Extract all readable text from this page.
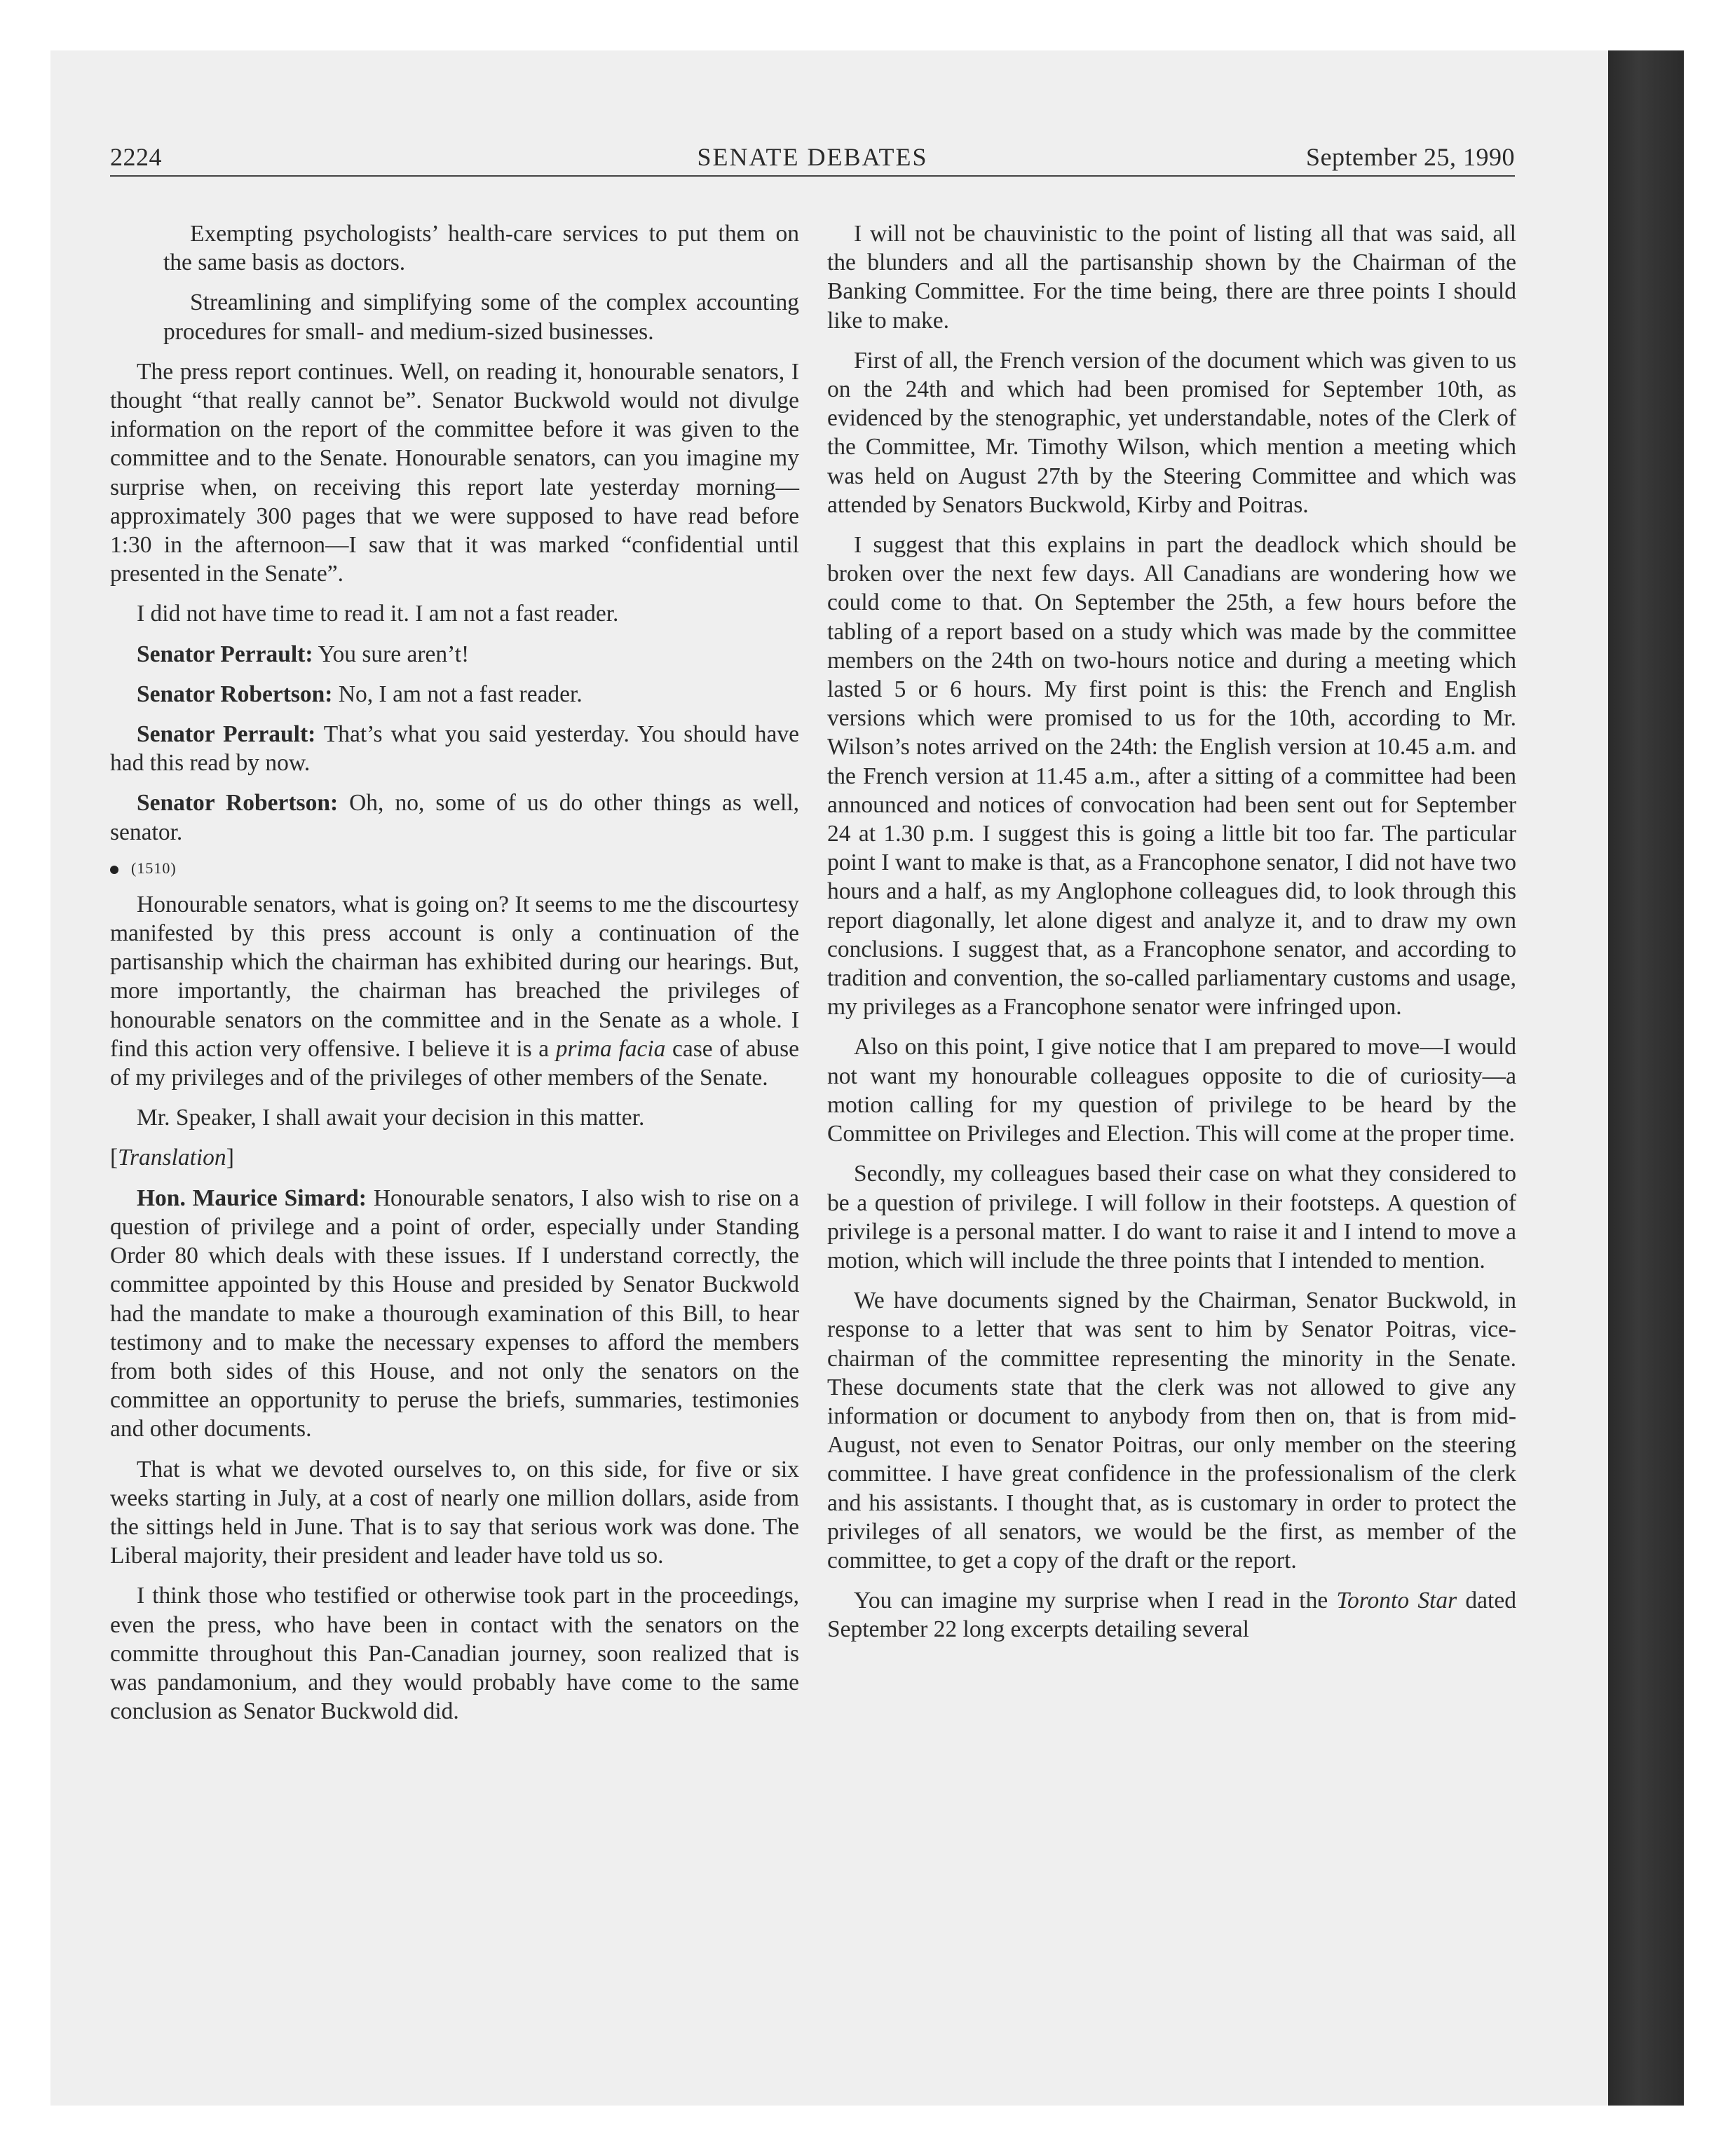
2224	SENATE DEBATES	September 25, 1990

Exempting psychologists’ health-care services to put them on the same basis as doctors.

Streamlining and simplifying some of the complex accounting procedures for small- and medium-sized businesses.

The press report continues. Well, on reading it, honourable senators, I thought “that really cannot be”. Senator Buckwold would not divulge information on the report of the committee before it was given to the committee and to the Senate. Honourable senators, can you imagine my surprise when, on receiving this report late yesterday morning—approximately 300 pages that we were supposed to have read before 1:30 in the afternoon—I saw that it was marked “confidential until presented in the Senate”.

I did not have time to read it. I am not a fast reader.

Senator Perrault: You sure aren’t!

Senator Robertson: No, I am not a fast reader.

Senator Perrault: That’s what you said yesterday. You should have had this read by now.

Senator Robertson: Oh, no, some of us do other things as well, senator.

(1510)

Honourable senators, what is going on? It seems to me the discourtesy manifested by this press account is only a continuation of the partisanship which the chairman has exhibited during our hearings. But, more importantly, the chairman has breached the privileges of honourable senators on the committee and in the Senate as a whole. I find this action very offensive. I believe it is a prima facia case of abuse of my privileges and of the privileges of other members of the Senate.

Mr. Speaker, I shall await your decision in this matter.

[Translation]

Hon. Maurice Simard: Honourable senators, I also wish to rise on a question of privilege and a point of order, especially under Standing Order 80 which deals with these issues. If I understand correctly, the committee appointed by this House and presided by Senator Buckwold had the mandate to make a thourough examination of this Bill, to hear testimony and to make the necessary expenses to afford the members from both sides of this House, and not only the senators on the committee an opportunity to peruse the briefs, summaries, testimonies and other documents.

That is what we devoted ourselves to, on this side, for five or six weeks starting in July, at a cost of nearly one million dollars, aside from the sittings held in June. That is to say that serious work was done. The Liberal majority, their president and leader have told us so.

I think those who testified or otherwise took part in the proceedings, even the press, who have been in contact with the senators on the committe throughout this Pan-Canadian journey, soon realized that is was pandamonium, and they would probably have come to the same conclusion as Senator Buckwold did.

I will not be chauvinistic to the point of listing all that was said, all the blunders and all the partisanship shown by the Chairman of the Banking Committee. For the time being, there are three points I should like to make.

First of all, the French version of the document which was given to us on the 24th and which had been promised for September 10th, as evidenced by the stenographic, yet understandable, notes of the Clerk of the Committee, Mr. Timothy Wilson, which mention a meeting which was held on August 27th by the Steering Committee and which was attended by Senators Buckwold, Kirby and Poitras.

I suggest that this explains in part the deadlock which should be broken over the next few days. All Canadians are wondering how we could come to that. On September the 25th, a few hours before the tabling of a report based on a study which was made by the committee members on the 24th on two-hours notice and during a meeting which lasted 5 or 6 hours. My first point is this: the French and English versions which were promised to us for the 10th, according to Mr. Wilson’s notes arrived on the 24th: the English version at 10.45 a.m. and the French version at 11.45 a.m., after a sitting of a committee had been announced and notices of convocation had been sent out for September 24 at 1.30 p.m. I suggest this is going a little bit too far. The particular point I want to make is that, as a Francophone senator, I did not have two hours and a half, as my Anglophone colleagues did, to look through this report diagonally, let alone digest and analyze it, and to draw my own conclusions. I suggest that, as a Francophone senator, and according to tradition and convention, the so-called parliamentary customs and usage, my privileges as a Francophone senator were infringed upon.

Also on this point, I give notice that I am prepared to move—I would not want my honourable colleagues opposite to die of curiosity—a motion calling for my question of privilege to be heard by the Committee on Privileges and Election. This will come at the proper time.

Secondly, my colleagues based their case on what they considered to be a question of privilege. I will follow in their footsteps. A question of privilege is a personal matter. I do want to raise it and I intend to move a motion, which will include the three points that I intended to mention.

We have documents signed by the Chairman, Senator Buckwold, in response to a letter that was sent to him by Senator Poitras, vice-chairman of the committee representing the minority in the Senate. These documents state that the clerk was not allowed to give any information or document to anybody from then on, that is from mid-August, not even to Senator Poitras, our only member on the steering committee. I have great confidence in the professionalism of the clerk and his assistants. I thought that, as is customary in order to protect the privileges of all senators, we would be the first, as member of the committee, to get a copy of the draft or the report.

You can imagine my surprise when I read in the Toronto Star dated September 22 long excerpts detailing several
